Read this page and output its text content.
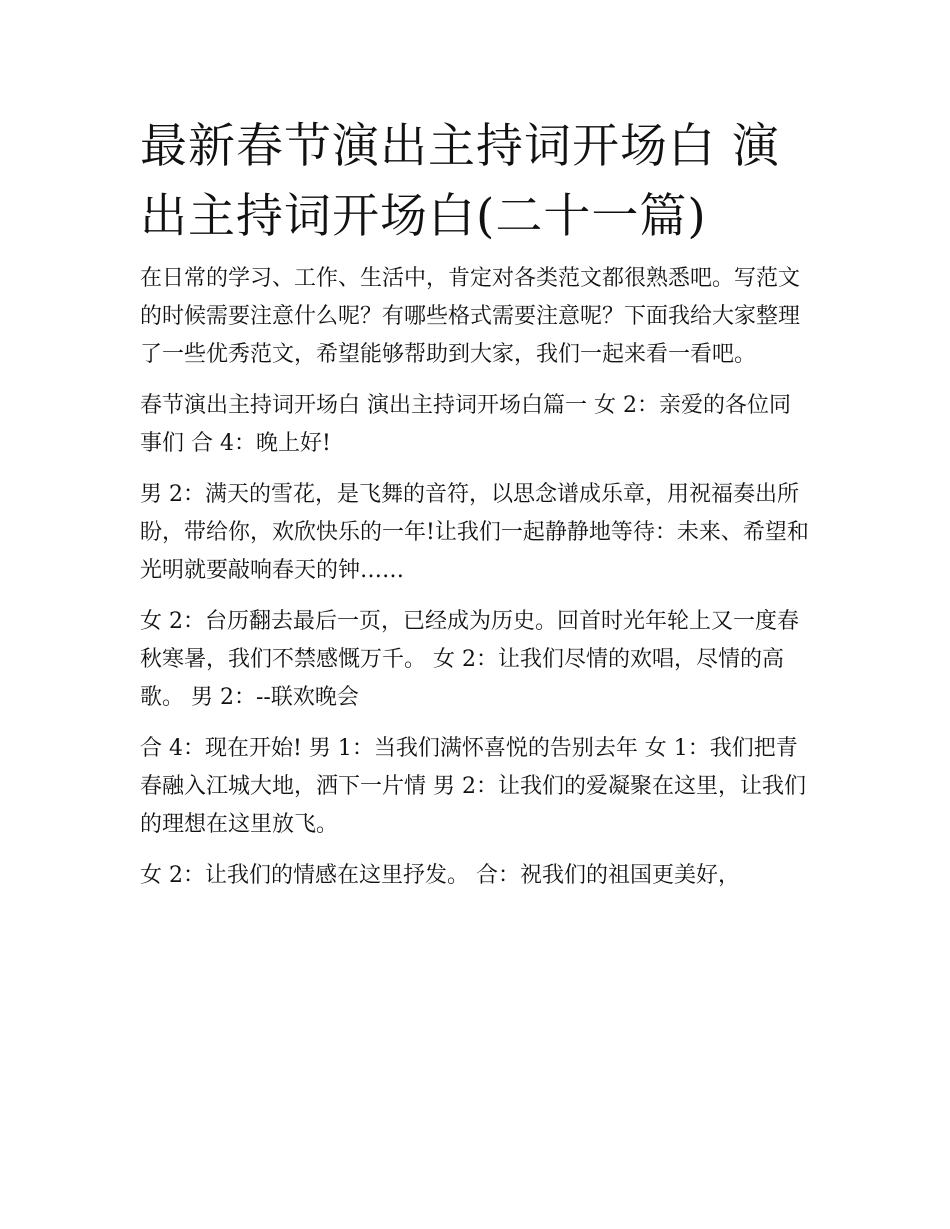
最新春节演出主持词开场白 演出主持词开场白(二十一篇)

在日常的学习、工作、生活中，肯定对各类范文都很熟悉吧。写范文的时候需要注意什么呢？有哪些格式需要注意呢？下面我给大家整理了一些优秀范文，希望能够帮助到大家，我们一起来看一看吧。

春节演出主持词开场白 演出主持词开场白篇一 女 2：亲爱的各位同事们 合 4：晚上好!

男 2：满天的雪花，是飞舞的音符，以思念谱成乐章，用祝福奏出所盼，带给你，欢欣快乐的一年!让我们一起静静地等待：未来、希望和光明就要敲响春天的钟……

女 2：台历翻去最后一页，已经成为历史。回首时光年轮上又一度春秋寒暑，我们不禁感慨万千。 女 2：让我们尽情的欢唱，尽情的高歌。 男 2：--联欢晚会

合 4：现在开始! 男 1：当我们满怀喜悦的告别去年 女 1：我们把青春融入江城大地，洒下一片情 男 2：让我们的爱凝聚在这里，让我们的理想在这里放飞。

女 2：让我们的情感在这里抒发。 合：祝我们的祖国更美好，
